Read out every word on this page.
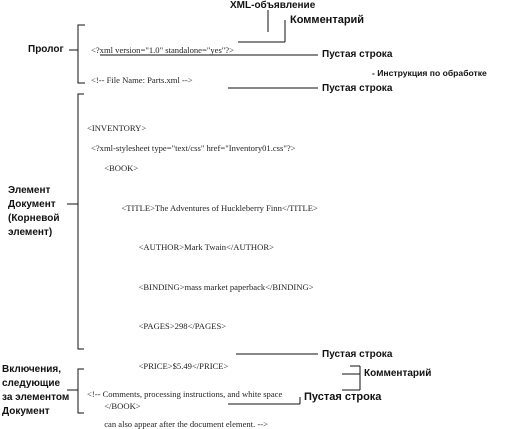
<?xml version="1.0" standalone="yes"?>

<!-- File Name: Parts.xml -->

<?xml-stylesheet type="text/css" href="Inventory01.css"?>

<INVENTORY>

<BOOK>

<TITLE>The Adventures of Huckleberry Finn</TITLE>

<AUTHOR>Mark Twain</AUTHOR>

<BINDING>mass market paperback</BINDING>

<PAGES>298</PAGES>

<PRICE>$5.49</PRICE>

</BOOK>

<!-- Comments, processing instructions, and white space

can also appear after the document element. -->

XML-объявление
Комментарий
Пустая строка
- Инструкция по обработке
Пустая строка
Пустая строка
Комментарий
Пустая строка
Пролог
Элемент
Документ
(Корневой
элемент)
Включения,
следующие
за элементом
Документ
